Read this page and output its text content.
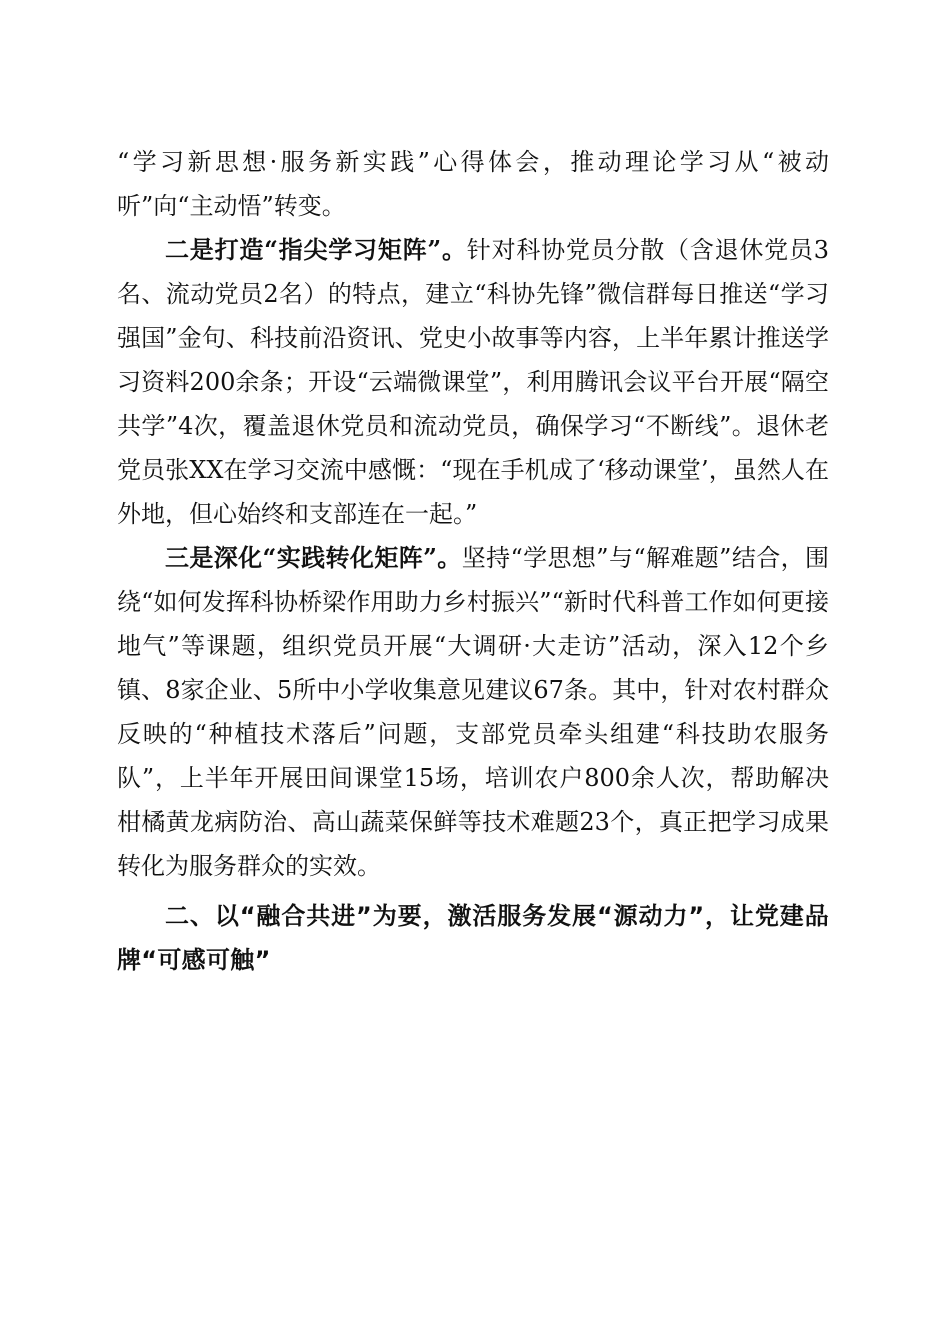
“学习新思想·服务新实践”心得体会，推动理论学习从“被动听”向“主动悟”转变。

二是打造“指尖学习矩阵”。针对科协党员分散（含退休党员3名、流动党员2名）的特点，建立“科协先锋”微信群每日推送“学习强国”金句、科技前沿资讯、党史小故事等内容，上半年累计推送学习资料200余条；开设“云端微课堂”，利用腾讯会议平台开展“隔空共学”4次，覆盖退休党员和流动党员，确保学习“不断线”。退休老党员张XX在学习交流中感慨：“现在手机成了‘移动课堂’，虽然人在外地，但心始终和支部连在一起。”

三是深化“实践转化矩阵”。坚持“学思想”与“解难题”结合，围绕“如何发挥科协桥梁作用助力乡村振兴”“新时代科普工作如何更接地气”等课题，组织党员开展“大调研·大走访”活动，深入12个乡镇、8家企业、5所中小学收集意见建议67条。其中，针对农村群众反映的“种植技术落后”问题，支部党员牵头组建“科技助农服务队”，上半年开展田间课堂15场，培训农户800余人次，帮助解决柑橘黄龙病防治、高山蔬菜保鲜等技术难题23个，真正把学习成果转化为服务群众的实效。

二、以“融合共进”为要，激活服务发展“源动力”，让党建品牌“可感可触”
